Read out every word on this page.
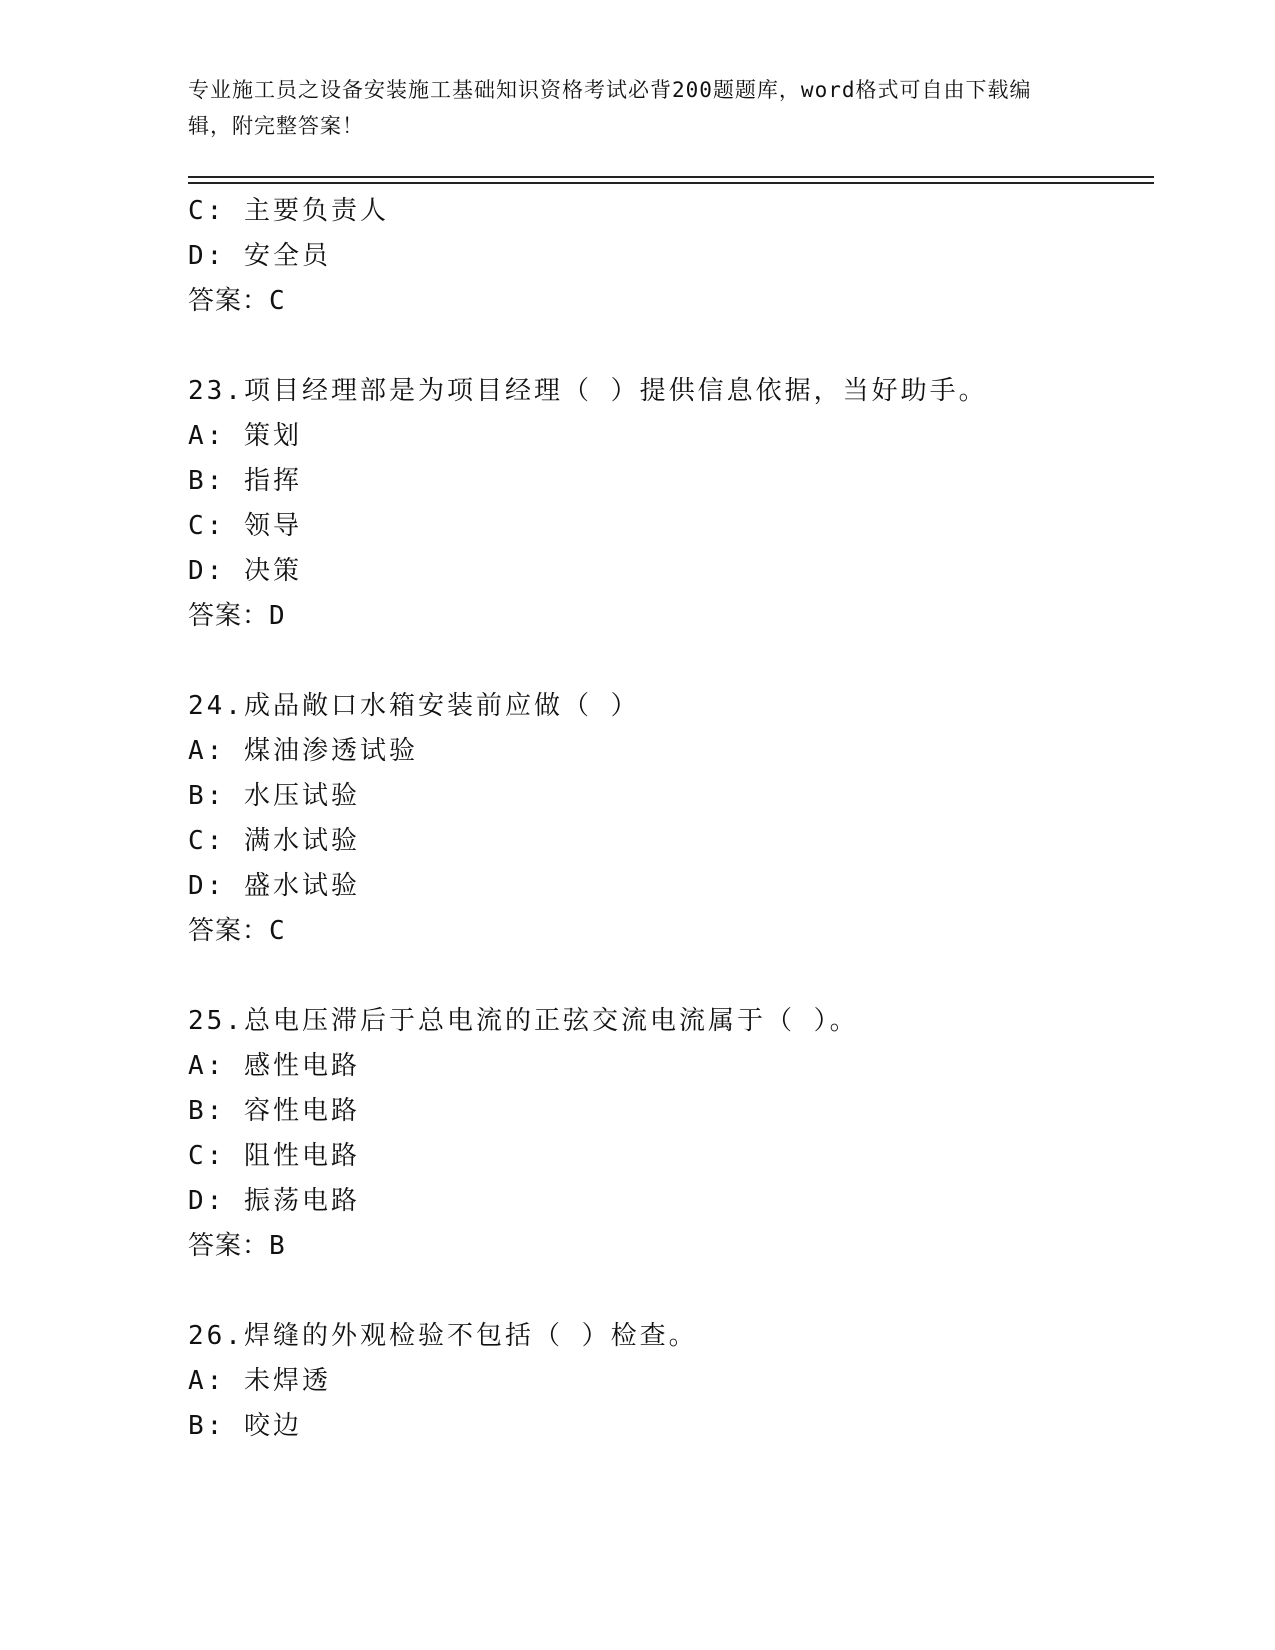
专业施工员之设备安装施工基础知识资格考试必背200题题库，word格式可自由下载编辑，附完整答案！
C: 主要负责人
D: 安全员
答案：C
23.项目经理部是为项目经理（ ）提供信息依据，当好助手。
A: 策划
B: 指挥
C: 领导
D: 决策
答案：D
24.成品敞口水箱安装前应做（ ）
A: 煤油渗透试验
B: 水压试验
C: 满水试验
D: 盛水试验
答案：C
25.总电压滞后于总电流的正弦交流电流属于（ ）。
A: 感性电路
B: 容性电路
C: 阻性电路
D: 振荡电路
答案：B
26.焊缝的外观检验不包括（ ）检查。
A: 未焊透
B: 咬边
